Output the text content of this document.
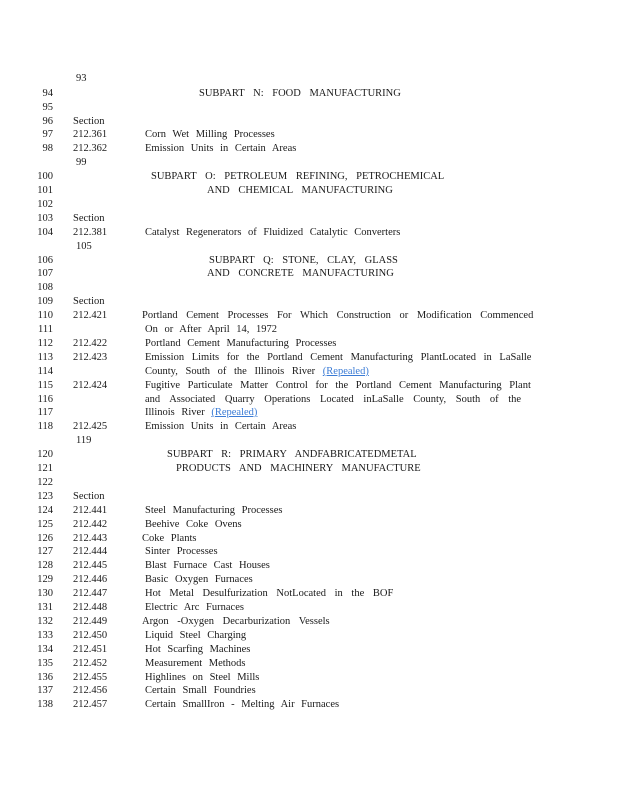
93
94	SUBPART N: FOOD MANUFACTURING
95
96 Section
97 212.361	Corn Wet Milling Processes
98 212.362	Emission Units in Certain Areas
99
100	SUBPART O: PETROLEUM REFINING, PETROCHEMICAL
101	AND CHEMICAL MANUFACTURING
102
103 Section
104 212.381	Catalyst Regenerators of Fluidized Catalytic Converters
105
106	SUBPART Q: STONE, CLAY, GLASS
107	AND CONCRETE MANUFACTURING
108
109 Section
110 212.421	Portland Cement Processes For Which Construction or Modification Commenced
111	On or After April 14, 1972
112 212.422	Portland Cement Manufacturing Processes
113 212.423	Emission Limits for the Portland Cement Manufacturing PlantLocated in LaSalle
114	County, South of the Illinois River (Repealed)
115 212.424	Fugitive Particulate Matter Control for the Portland Cement Manufacturing Plant
116	and Associated Quarry Operations Located inLaSalle County, South of the
117	Illinois River (Repealed)
118 212.425	Emission Units in Certain Areas
119
120	SUBPART R: PRIMARY ANDFABRICATEDMETAL
121	PRODUCTS AND MACHINERY MANUFACTURE
122
123 Section
124 212.441	Steel Manufacturing Processes
125 212.442	Beehive Coke Ovens
126 212.443	Coke Plants
127 212.444	Sinter Processes
128 212.445	Blast Furnace Cast Houses
129 212.446	Basic Oxygen Furnaces
130 212.447	Hot Metal Desulfurization NotLocated in the BOF
131 212.448	Electric Arc Furnaces
132 212.449	Argon -Oxygen Decarburization Vessels
133 212.450	Liquid Steel Charging
134 212.451	Hot Scarfing Machines
135 212.452	Measurement Methods
136 212.455	Highlines on Steel Mills
137 212.456	Certain Small Foundries
138 212.457	Certain SmallIron - Melting Air Furnaces
